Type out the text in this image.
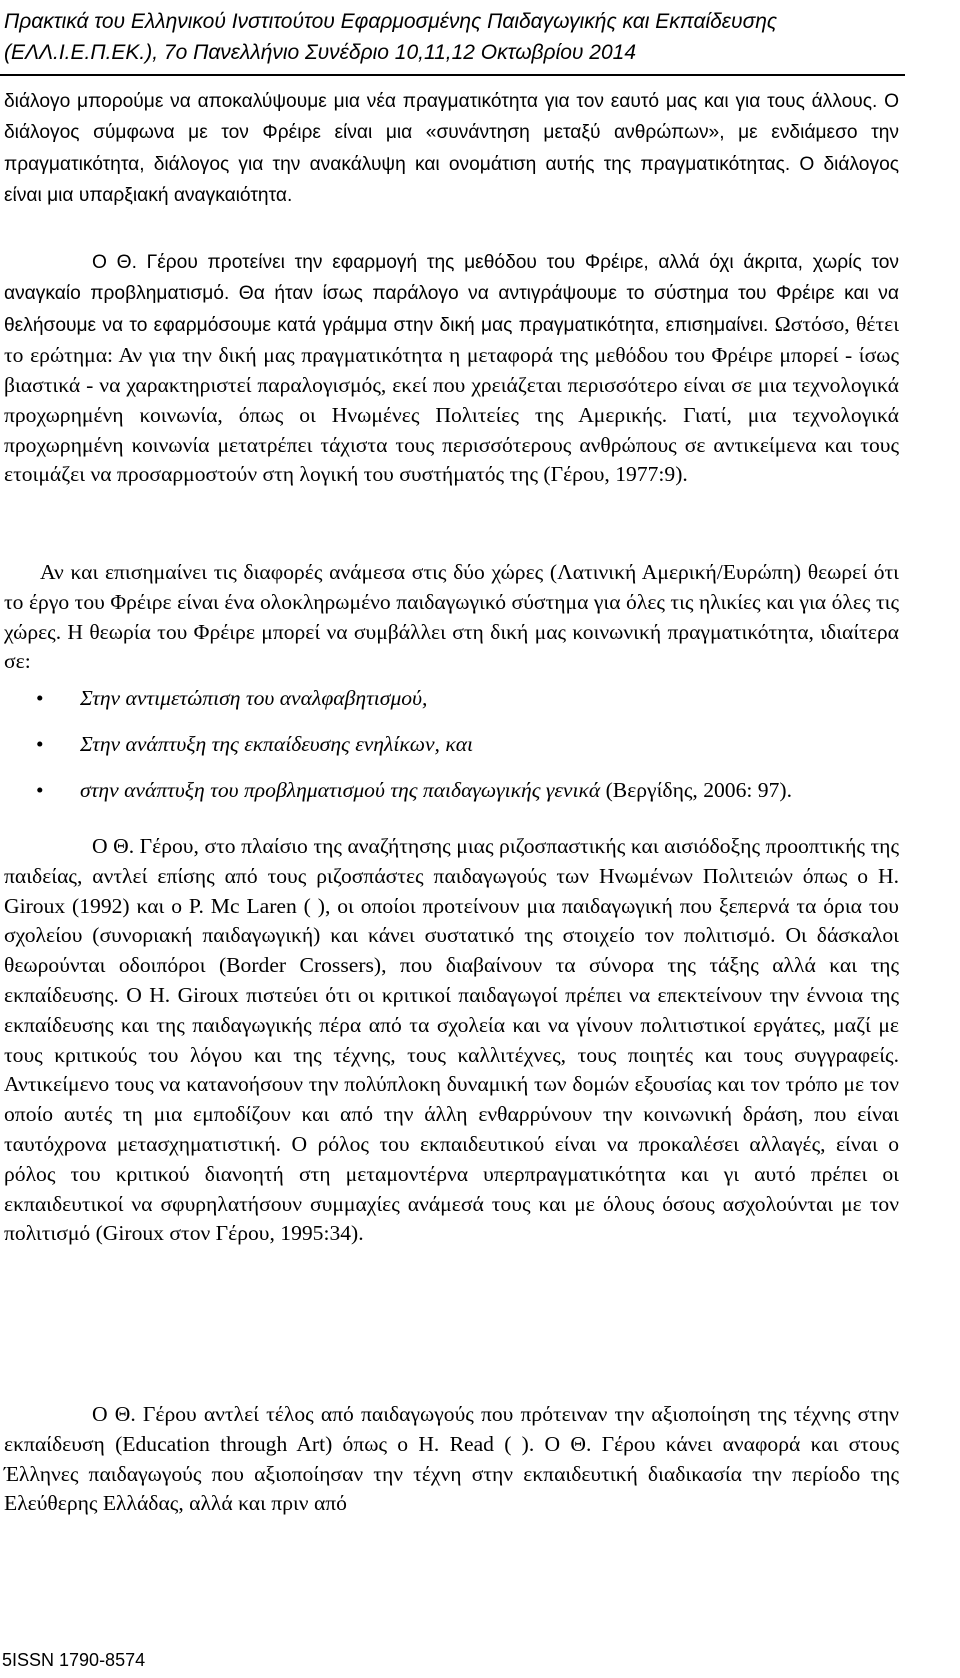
Πρακτικά του Ελληνικού Ινστιτούτου Εφαρμοσμένης Παιδαγωγικής και Εκπαίδευσης
(ΕΛΛ.Ι.Ε.Π.ΕΚ.), 7ο Πανελλήνιο Συνέδριο 10,11,12 Οκτωβρίου 2014

διάλογο μπορούμε να αποκαλύψουμε μια νέα πραγματικότητα για τον εαυτό μας και για τους άλλους. Ο διάλογος σύμφωνα με τον Φρέιρε είναι μια «συνάντηση μεταξύ ανθρώπων», με ενδιάμεσο την πραγματικότητα, διάλογος για την ανακάλυψη και ονομάτιση αυτής της πραγματικότητας. Ο διάλογος είναι μια υπαρξιακή αναγκαιότητα.

Ο Θ. Γέρου προτείνει την εφαρμογή της μεθόδου του Φρέιρε, αλλά όχι άκριτα, χωρίς τον αναγκαίο προβληματισμό. Θα ήταν ίσως παράλογο να αντιγράψουμε το σύστημα του Φρέιρε και να θελήσουμε να το εφαρμόσουμε κατά γράμμα στην δική μας πραγματικότητα, επισημαίνει. Ωστόσο, θέτει το ερώτημα: Αν για την δική μας πραγματικότητα η μεταφορά της μεθόδου του Φρέιρε μπορεί - ίσως βιαστικά - να χαρακτηριστεί παραλογισμός, εκεί που χρειάζεται περισσότερο είναι σε μια τεχνολογικά προχωρημένη κοινωνία, όπως οι Ηνωμένες Πολιτείες της Αμερικής. Γιατί, μια τεχνολογικά προχωρημένη κοινωνία μετατρέπει τάχιστα τους περισσότερους ανθρώπους σε αντικείμενα και τους ετοιμάζει να προσαρμοστούν στη λογική του συστήματός της (Γέρου, 1977:9).

Αν και επισημαίνει τις διαφορές ανάμεσα στις δύο χώρες (Λατινική Αμερική/Ευρώπη) θεωρεί ότι το έργο του Φρέιρε είναι ένα ολοκληρωμένο παιδαγωγικό σύστημα για όλες τις ηλικίες και για όλες τις χώρες. Η θεωρία του Φρέιρε μπορεί να συμβάλλει στη δική μας κοινωνική πραγματικότητα, ιδιαίτερα σε:

• Στην αντιμετώπιση του αναλφαβητισμού,
• Στην ανάπτυξη της εκπαίδευσης ενηλίκων, και
• στην ανάπτυξη του προβληματισμού της παιδαγωγικής γενικά (Βεργίδης, 2006: 97).

Ο Θ. Γέρου, στο πλαίσιο της αναζήτησης μιας ριζοσπαστικής και αισιόδοξης προοπτικής της παιδείας, αντλεί επίσης από τους ριζοσπάστες παιδαγωγούς των Ηνωμένων Πολιτειών όπως ο H. Giroux (1992) και ο P. Mc Laren ( ), οι οποίοι προτείνουν μια παιδαγωγική που ξεπερνά τα όρια του σχολείου (συνοριακή παιδαγωγική) και κάνει συστατικό της στοιχείο τον πολιτισμό. Οι δάσκαλοι θεωρούνται οδοιπόροι (Border Crossers), που διαβαίνουν τα σύνορα της τάξης αλλά και της εκπαίδευσης. Ο H. Giroux πιστεύει ότι οι κριτικοί παιδαγωγοί πρέπει να επεκτείνουν την έννοια της εκπαίδευσης και της παιδαγωγικής πέρα από τα σχολεία και να γίνουν πολιτιστικοί εργάτες, μαζί με τους κριτικούς του λόγου και της τέχνης, τους καλλιτέχνες, τους ποιητές και τους συγγραφείς. Αντικείμενο τους να κατανοήσουν την πολύπλοκη δυναμική των δομών εξουσίας και τον τρόπο με τον οποίο αυτές τη μια εμποδίζουν και από την άλλη ενθαρρύνουν την κοινωνική δράση, που είναι ταυτόχρονα μετασχηματιστική. Ο ρόλος του εκπαιδευτικού είναι να προκαλέσει αλλαγές, είναι ο ρόλος του κριτικού διανοητή στη μεταμοντέρνα υπερπραγματικότητα και γι αυτό πρέπει οι εκπαιδευτικοί να σφυρηλατήσουν συμμαχίες ανάμεσά τους και με όλους όσους ασχολούνται με τον πολιτισμό (Giroux στον Γέρου, 1995:34).

Ο Θ. Γέρου αντλεί τέλος από παιδαγωγούς που πρότειναν την αξιοποίηση της τέχνης στην εκπαίδευση (Education through Art) όπως ο H. Read ( ). Ο Θ. Γέρου κάνει αναφορά και στους Έλληνες παιδαγωγούς που αξιοποίησαν την τέχνη στην εκπαιδευτική διαδικασία την περίοδο της Ελεύθερης Ελλάδας, αλλά και πριν από

5ISSN 1790-8574
